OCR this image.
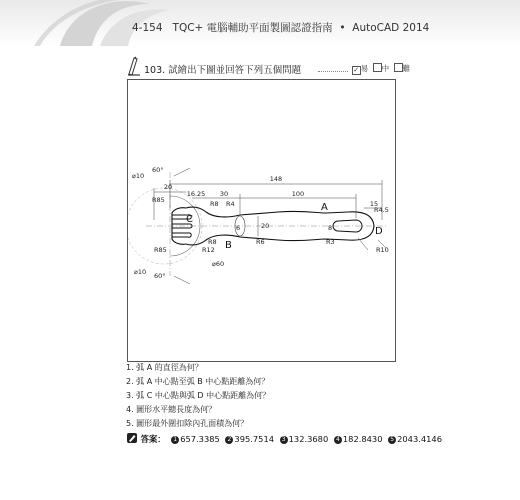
4-154 TQC+ 電腦輔助平面製圖認證指南 • AutoCAD 2014
103. 試繪出下圖並回答下列五個問題	✓ 易 中 難
148
20
16.25 30	100
15
R85	R8 R4
R4.5
R10
R3
R6
20
R8
R12
R85
⌀60
⌀10
⌀10
60°
60°
8
6
A
B
C
D
1. 弧 A 的直徑為何？
2. 弧 A 中心點至弧 B 中心點距離為何？
3. 弧 C 中心點與弧 D 中心點距離為何？
4. 圖形水平總長度為何？
5. 圖形最外圍扣除內孔面積為何？
答案： 1 657.3385 2 395.7514 3 132.3680 4 182.8430 5 2043.4146
